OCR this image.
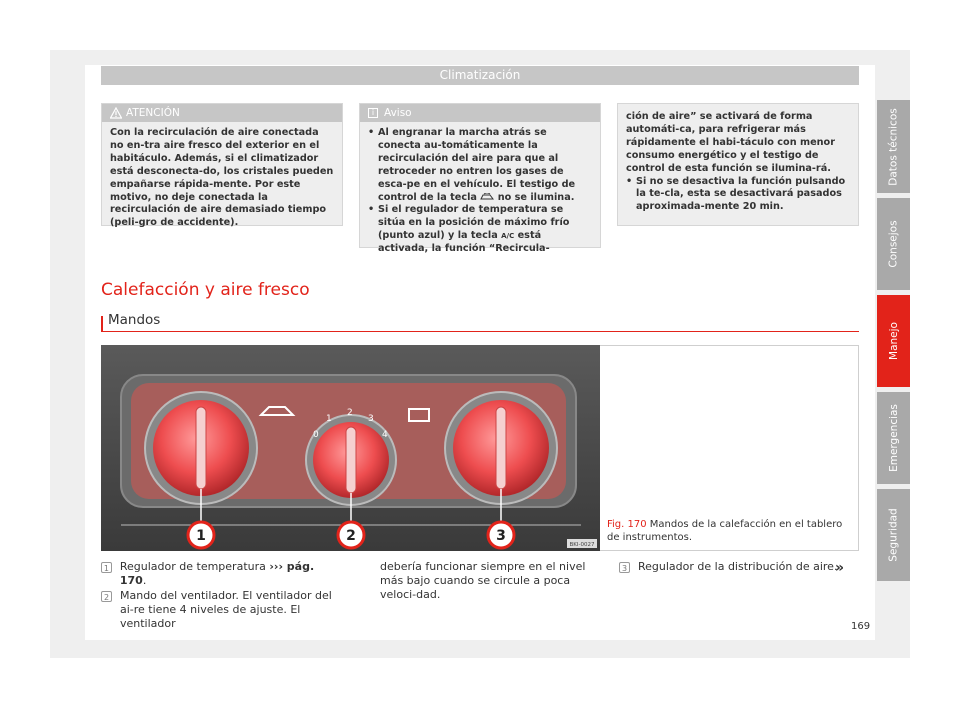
Climatización
ATENCIÓN
Con la recirculación de aire conectada no en-tra aire fresco del exterior en el habitáculo. Además, si el climatizador está desconecta-do, los cristales pueden empañarse rápida-mente. Por este motivo, no deje conectada la recirculación de aire demasiado tiempo (peli-gro de accidente).
i Aviso
• Al engranar la marcha atrás se conecta au-tomáticamente la recirculación del aire para que al retroceder no entren los gases de esca-pe en el vehículo. El testigo de control de la tecla no se ilumina.
• Si el regulador de temperatura se sitúa en la posición de máximo frío (punto azul) y la tecla A/C está activada, la función “Recircula-
ción de aire” se activará de forma automáti-ca, para refrigerar más rápidamente el habi-táculo con menor consumo energético y el testigo de control de esta función se ilumina-rá.
• Si no se desactiva la función pulsando la te-cla, esta se desactivará pasados aproximada-mente 20 min.
Calefacción y aire fresco
Mandos
0
1
2
3
4
1	2	3
BKI-0027
Fig. 170 Mandos de la calefacción en el tablero de instrumentos.
1 Regulador de temperatura ››› pág. 170.
2 Mando del ventilador. El ventilador del ai-re tiene 4 niveles de ajuste. El ventilador
debería funcionar siempre en el nivel más bajo cuando se circule a poca veloci-dad.
3 Regulador de la distribución de aire.
»
Datos técnicos
Consejos
Manejo
Emergencias
Seguridad
169
